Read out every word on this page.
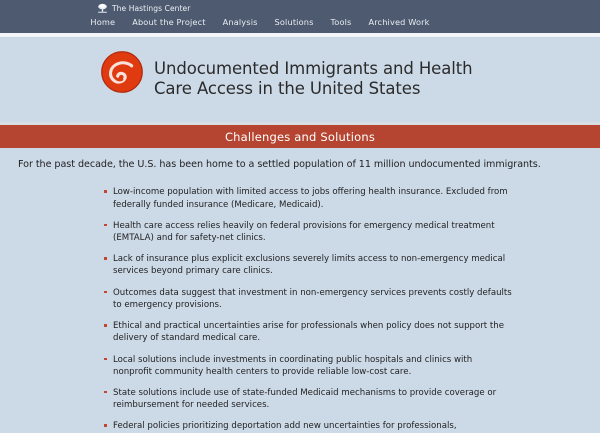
The Hastings Center
Home About the Project Analysis Solutions Tools Archived Work
Undocumented Immigrants and Health Care Access in the United States
Challenges and Solutions

For the past decade, the U.S. has been home to a settled population of 11 million undocumented immigrants.

Low-income population with limited access to jobs offering health insurance. Excluded from federally funded insurance (Medicare, Medicaid).
Health care access relies heavily on federal provisions for emergency medical treatment (EMTALA) and for safety-net clinics.
Lack of insurance plus explicit exclusions severely limits access to non-emergency medical services beyond primary care clinics.
Outcomes data suggest that investment in non-emergency services prevents costly defaults to emergency provisions.
Ethical and practical uncertainties arise for professionals when policy does not support the delivery of standard medical care.
Local solutions include investments in coordinating public hospitals and clinics with nonprofit community health centers to provide reliable low-cost care.
State solutions include use of state-funded Medicaid mechanisms to provide coverage or reimbursement for needed services.
Federal policies prioritizing deportation add new uncertainties for professionals,
